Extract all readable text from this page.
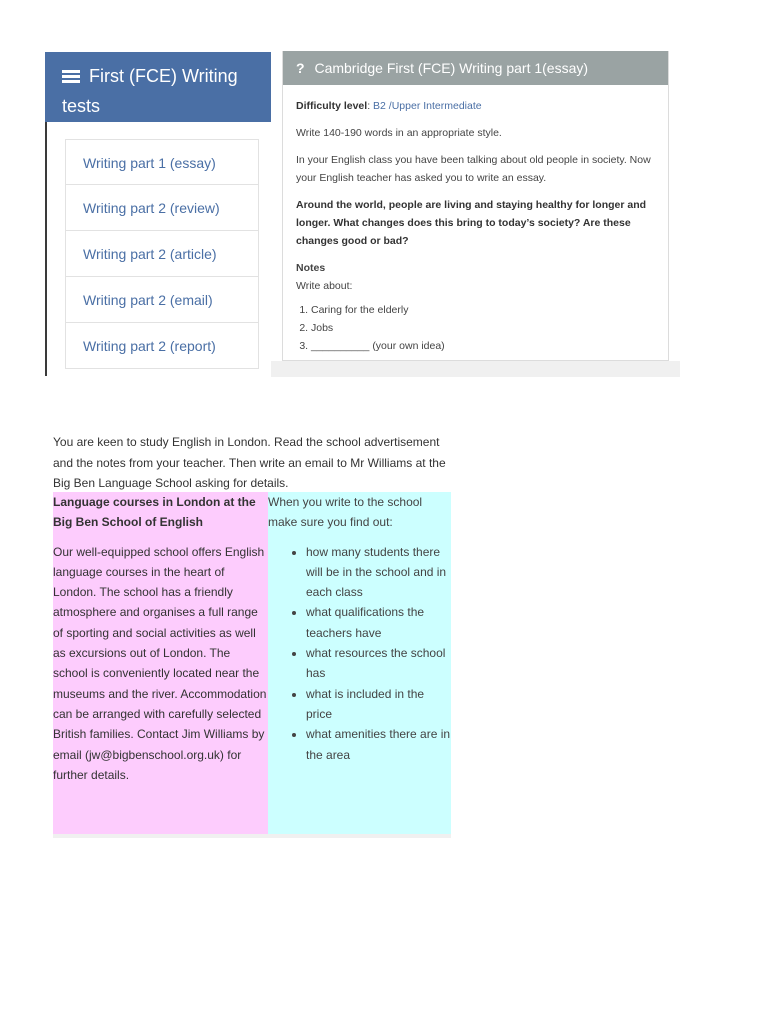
First (FCE) Writing tests
Writing part 1 (essay)
Writing part 2 (review)
Writing part 2 (article)
Writing part 2 (email)
Writing part 2 (report)
? Cambridge First (FCE) Writing part 1(essay)

Difficulty level: B2 /Upper Intermediate

Write 140-190 words in an appropriate style.

In your English class you have been talking about old people in society. Now your English teacher has asked you to write an essay.

Around the world, people are living and staying healthy for longer and longer. What changes does this bring to today’s society? Are these changes good or bad?

Notes

Write about:
1. Caring for the elderly
2. Jobs
3. __________ (your own idea)
You are keen to study English in London. Read the school advertisement and the notes from your teacher. Then write an email to Mr Williams at the Big Ben Language School asking for details.

Language courses in London at the Big Ben School of English

Our well-equipped school offers English language courses in the heart of London. The school has a friendly atmosphere and organises a full range of sporting and social activities as well as excursions out of London. The school is conveniently located near the museums and the river. Accommodation can be arranged with carefully selected British families. Contact Jim Williams by email (jw@bigbenschool.org.uk) for further details.

When you write to the school make sure you find out:

• how many students there will be in the school and in each class
• what qualifications the teachers have
• what resources the school has
• what is included in the price
• what amenities there are in the area
